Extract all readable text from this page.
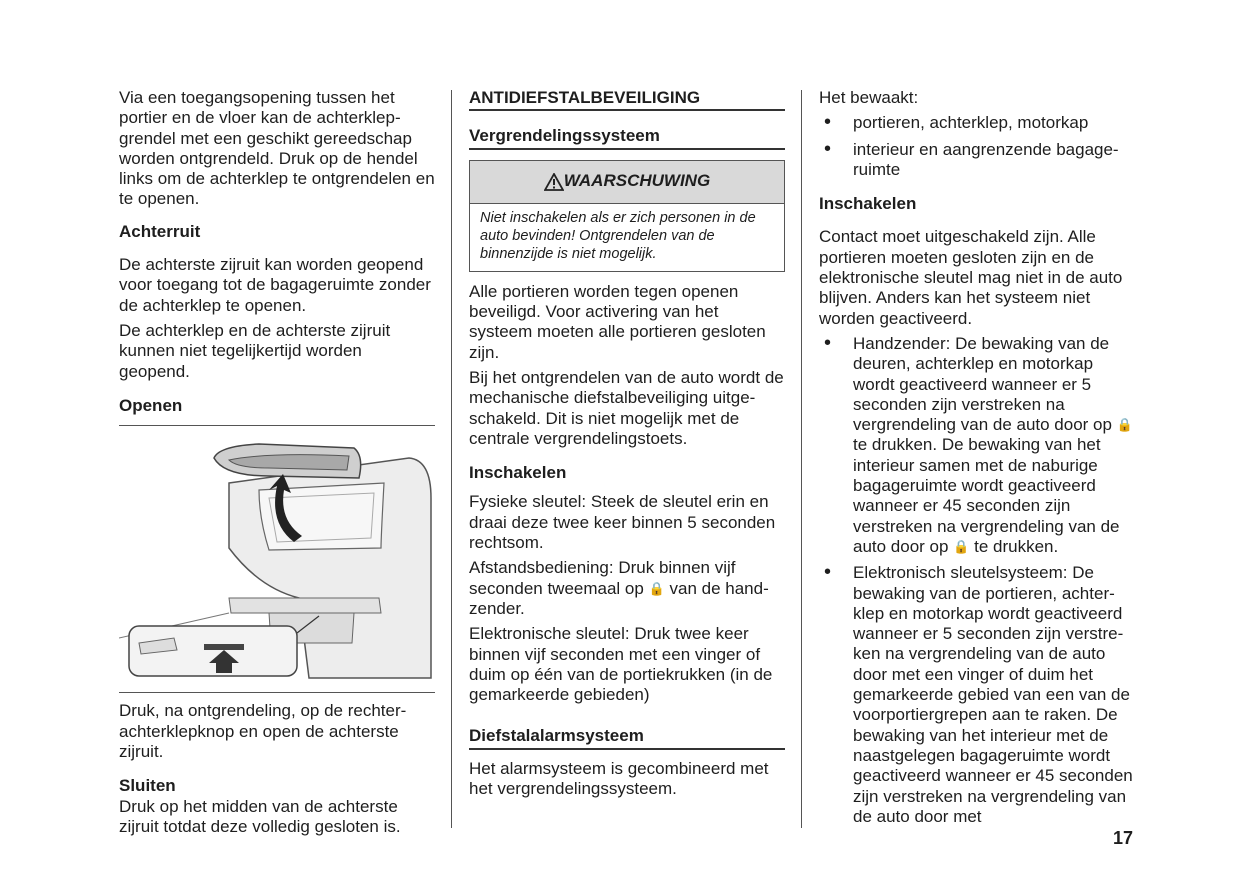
Via een toegangsopening tussen het portier en de vloer kan de achterklep-grendel met een geschikt gereedschap worden ontgrendeld. Druk op de hendel links om de achterklep te ontgrendelen en te openen.

Achterruit

De achterste zijruit kan worden geopend voor toegang tot de bagageruimte zonder de achterklep te openen.

De achterklep en de achterste zijruit kunnen niet tegelijkertijd worden geopend.

Openen

Druk, na ontgrendeling, op de rechter-achterklepknop en open de achterste zijruit.

Sluiten

Druk op het midden van de achterste zijruit totdat deze volledig gesloten is.

ANTIDIEFSTALBEVEILIGING

Vergrendelingssysteem

WAARSCHUWING
Niet inschakelen als er zich personen in de auto bevinden! Ontgrendelen van de binnenzijde is niet mogelijk.

Alle portieren worden tegen openen beveiligd. Voor activering van het systeem moeten alle portieren gesloten zijn.

Bij het ontgrendelen van de auto wordt de mechanische diefstalbeveiliging uitge-schakeld. Dit is niet mogelijk met de centrale vergrendelingstoets.

Inschakelen

Fysieke sleutel: Steek de sleutel erin en draai deze twee keer binnen 5 seconden rechtsom.

Afstandsbediening: Druk binnen vijf seconden tweemaal op 🔒 van de hand-zender.

Elektronische sleutel: Druk twee keer binnen vijf seconden met een vinger of duim op één van de portiekrukken (in de gemarkeerde gebieden)

Diefstalalarmsysteem

Het alarmsysteem is gecombineerd met het vergrendelingssysteem.

Het bewaakt:

• portieren, achterklep, motorkap
• interieur en aangrenzende bagage-ruimte

Inschakelen

Contact moet uitgeschakeld zijn. Alle portieren moeten gesloten zijn en de elektronische sleutel mag niet in de auto blijven. Anders kan het systeem niet worden geactiveerd.

• Handzender: De bewaking van de deuren, achterklep en motorkap wordt geactiveerd wanneer er 5 seconden zijn verstreken na vergrendeling van de auto door op 🔒 te drukken. De bewaking van het interieur samen met de naburige bagageruimte wordt geactiveerd wanneer er 45 seconden zijn verstreken na vergrendeling van de auto door op 🔒 te drukken.
• Elektronisch sleutelsysteem: De bewaking van de portieren, achter-klep en motorkap wordt geactiveerd wanneer er 5 seconden zijn verstre-ken na vergrendeling van de auto door met een vinger of duim het gemarkeerde gebied van een van de voorportiergrepen aan te raken. De bewaking van het interieur met de naastgelegen bagageruimte wordt geactiveerd wanneer er 45 seconden zijn verstreken na vergrendeling van de auto door met
17
